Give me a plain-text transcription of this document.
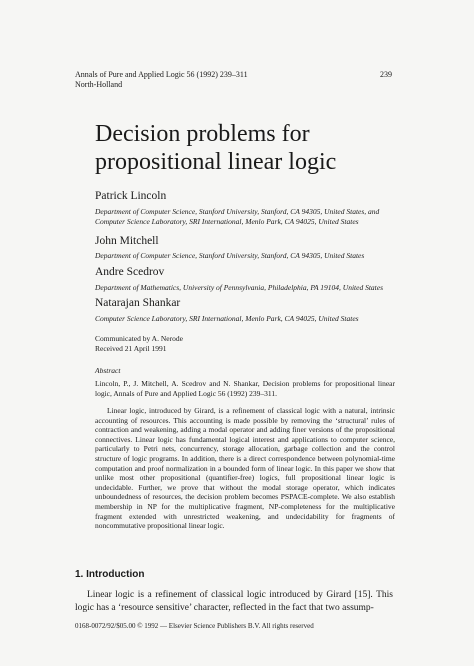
Annals of Pure and Applied Logic 56 (1992) 239–311
North-Holland
239
Decision problems for
propositional linear logic
Patrick Lincoln
Department of Computer Science, Stanford University, Stanford, CA 94305, United States, and
Computer Science Laboratory, SRI International, Menlo Park, CA 94025, United States
John Mitchell
Department of Computer Science, Stanford University, Stanford, CA 94305, United States
Andre Scedrov
Department of Mathematics, University of Pennsylvania, Philadelphia, PA 19104, United States
Natarajan Shankar
Computer Science Laboratory, SRI International, Menlo Park, CA 94025, United States
Communicated by A. Nerode
Received 21 April 1991
Abstract
Lincoln, P., J. Mitchell, A. Scedrov and N. Shankar, Decision problems for propositional linear logic, Annals of Pure and Applied Logic 56 (1992) 239–311.
Linear logic, introduced by Girard, is a refinement of classical logic with a natural, intrinsic accounting of resources. This accounting is made possible by removing the ‘structural’ rules of contraction and weakening, adding a modal operator and adding finer versions of the propositional connectives. Linear logic has fundamental logical interest and applications to computer science, particularly to Petri nets, concurrency, storage allocation, garbage collection and the control structure of logic programs. In addition, there is a direct correspondence between polynomial-time computation and proof normalization in a bounded form of linear logic. In this paper we show that unlike most other propositional (quantifier-free) logics, full propositional linear logic is undecidable. Further, we prove that without the modal storage operator, which indicates unboundedness of resources, the decision problem becomes PSPACE-complete. We also establish membership in NP for the multiplicative fragment, NP-completeness for the multiplicative fragment extended with unrestricted weakening, and undecidability for fragments of noncommutative propositional linear logic.
1. Introduction
Linear logic is a refinement of classical logic introduced by Girard [15]. This logic has a ‘resource sensitive’ character, reflected in the fact that two assump-
0168-0072/92/$05.00 © 1992 — Elsevier Science Publishers B.V. All rights reserved
